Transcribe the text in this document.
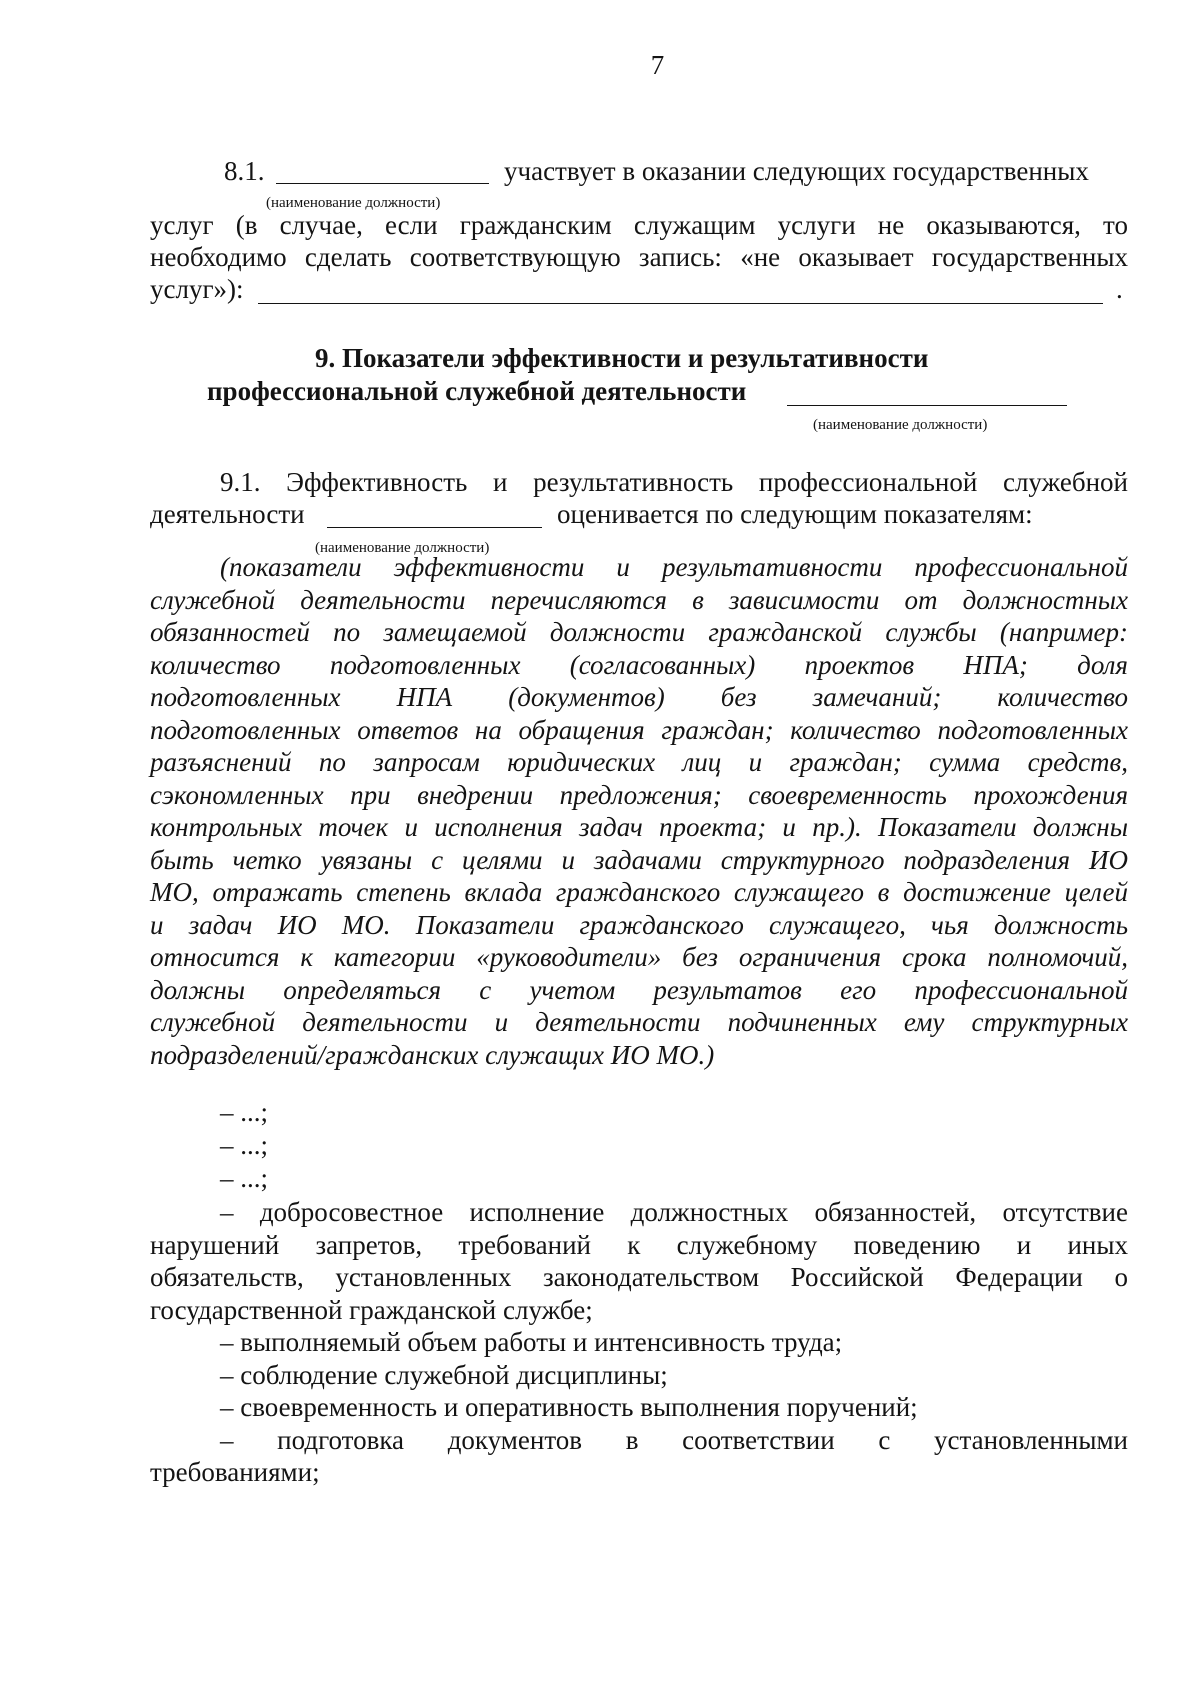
7
8.1.
(наименование должности)
участвует в оказании следующих государственных
услуг (в случае, если гражданским служащим услуги не оказываются, то
необходимо сделать соответствующую запись: «не оказывает государственных
услуг»):	.
9. Показатели эффективности и результативности
профессиональной служебной деятельности
(наименование должности)
9.1. Эффективность и результативность профессиональной служебной
деятельности	оценивается по следующим показателям:
(наименование должности)
(показатели эффективности и результативности профессиональной
служебной деятельности перечисляются в зависимости от должностных
обязанностей по замещаемой должности гражданской службы (например:
количество подготовленных (согласованных) проектов НПА; доля
подготовленных НПА (документов) без замечаний; количество
подготовленных ответов на обращения граждан; количество подготовленных
разъяснений по запросам юридических лиц и граждан; сумма средств,
сэкономленных при внедрении предложения; своевременность прохождения
контрольных точек и исполнения задач проекта; и пр.). Показатели должны
быть четко увязаны с целями и задачами структурного подразделения ИО
МО, отражать степень вклада гражданского служащего в достижение целей
и задач ИО МО. Показатели гражданского служащего, чья должность
относится к категории «руководители» без ограничения срока полномочий,
должны определяться с учетом результатов его профессиональной
служебной деятельности и деятельности подчиненных ему структурных
подразделений/гражданских служащих ИО МО.)
– ...;
– ...;
– ...;
– добросовестное исполнение должностных обязанностей, отсутствие
нарушений запретов, требований к служебному поведению и иных
обязательств, установленных законодательством Российской Федерации о
государственной гражданской службе;
– выполняемый объем работы и интенсивность труда;
– соблюдение служебной дисциплины;
– своевременность и оперативность выполнения поручений;
– подготовка документов в соответствии с установленными
требованиями;
